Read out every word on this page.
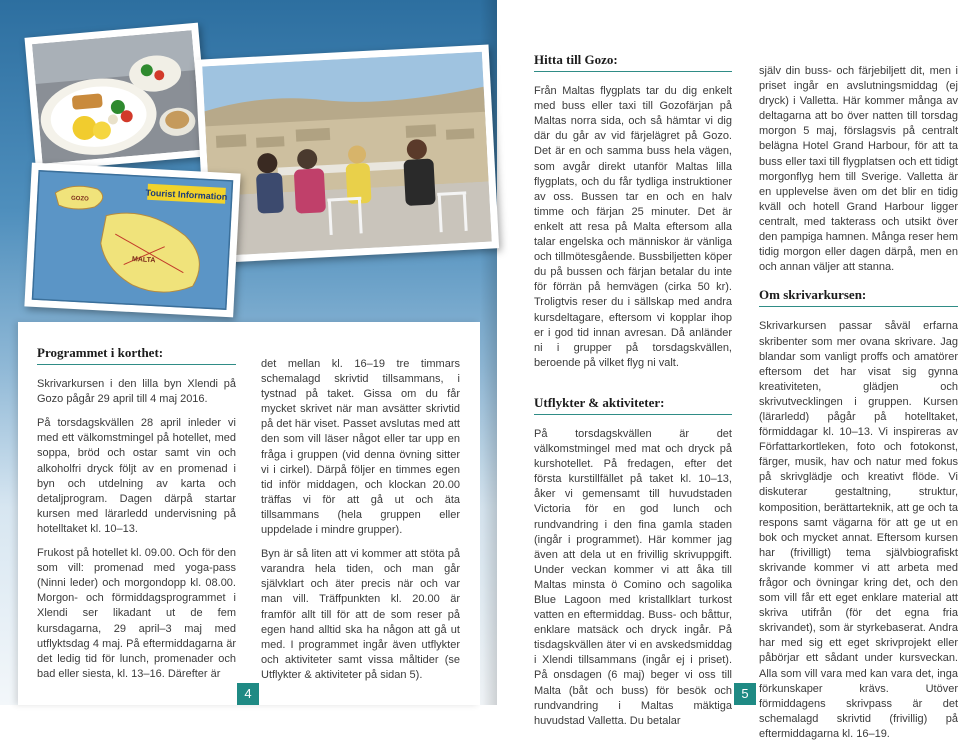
Tourist Information
GOZO
MALTA
Programmet i korthet:

Skrivarkursen i den lilla byn Xlendi på Gozo pågår 29 april till 4 maj 2016.

På torsdagskvällen 28 april inleder vi med ett välkomstmingel på hotellet, med soppa, bröd och ostar samt vin och alkoholfri dryck följt av en promenad i byn och utdelning av karta och detaljprogram. Dagen därpå startar kursen med lärarledd undervisning på hotelltaket kl. 10–13.

Frukost på hotellet kl. 09.00. Och för den som vill: promenad med yoga-pass (Ninni leder) och morgondopp kl. 08.00. Morgon- och förmiddagsprogrammet i Xlendi ser likadant ut de fem kursdagarna, 29 april–3 maj med utflyktsdag 4 maj. På eftermiddagarna är det ledig tid för lunch, promenader och bad eller siesta, kl. 13–16. Därefter är

det mellan kl. 16–19 tre timmars schemalagd skrivtid tillsammans, i tystnad på taket. Gissa om du får mycket skrivet när man avsätter skrivtid på det här viset. Passet avslutas med att den som vill läser något eller tar upp en fråga i gruppen (vid denna övning sitter vi i cirkel). Därpå följer en timmes egen tid inför middagen, och klockan 20.00 träffas vi för att gå ut och äta tillsammans (hela gruppen eller uppdelade i mindre grupper).

Byn är så liten att vi kommer att stöta på varandra hela tiden, och man går självklart och äter precis när och var man vill. Träffpunkten kl. 20.00 är framför allt till för att de som reser på egen hand alltid ska ha någon att gå ut med. I programmet ingår även utflykter och aktiviteter samt vissa måltider (se Utflykter & aktiviteter på sidan 5).

Hitta till Gozo:

Från Maltas flygplats tar du dig enkelt med buss eller taxi till Gozofärjan på Maltas norra sida, och så hämtar vi dig där du går av vid färjelägret på Gozo. Det är en och samma buss hela vägen, som avgår direkt utanför Maltas lilla flygplats, och du får tydliga instruktioner av oss. Bussen tar en och en halv timme och färjan 25 minuter. Det är enkelt att resa på Malta eftersom alla talar engelska och människor är vänliga och tillmötesgående. Bussbiljetten köper du på bussen och färjan betalar du inte för förrän på hemvägen (cirka 50 kr). Troligtvis reser du i sällskap med andra kursdeltagare, eftersom vi kopplar ihop er i god tid innan avresan. Då anländer ni i grupper på torsdagskvällen, beroende på vilket flyg ni valt.

Utflykter & aktiviteter:

På torsdagskvällen är det välkomstmingel med mat och dryck på kurshotellet. På fredagen, efter det första kurstillfället på taket kl. 10–13, åker vi gemensamt till huvudstaden Victoria för en god lunch och rundvandring i den fina gamla staden (ingår i programmet). Här kommer jag även att dela ut en frivillig skrivuppgift. Under veckan kommer vi att åka till Maltas minsta ö Comino och sagolika Blue Lagoon med kristallklart turkost vatten en eftermiddag. Buss- och båttur, enklare matsäck och dryck ingår. På tisdagskvällen äter vi en avskedsmiddag i Xlendi tillsammans (ingår ej i priset). På onsdagen (6 maj) beger vi oss till Malta (båt och buss) för besök och rundvandring i Maltas mäktiga huvudstad Valletta. Du betalar

själv din buss- och färjebiljett dit, men i priset ingår en avslutningsmiddag (ej dryck) i Valletta. Här kommer många av deltagarna att bo över natten till torsdag morgon 5 maj, förslagsvis på centralt belägna Hotel Grand Harbour, för att ta buss eller taxi till flygplatsen och ett tidigt morgonflyg hem till Sverige. Valletta är en upplevelse även om det blir en tidig kväll och hotell Grand Harbour ligger centralt, med takterass och utsikt över den pampiga hamnen. Många reser hem tidig morgon eller dagen därpå, men en och annan väljer att stanna.

Om skrivarkursen:

Skrivarkursen passar såväl erfarna skribenter som mer ovana skrivare. Jag blandar som vanligt proffs och amatörer eftersom det har visat sig gynna kreativiteten, glädjen och skrivutvecklingen i gruppen. Kursen (lärarledd) pågår på hotelltaket, förmiddagar kl. 10–13. Vi inspireras av Författarkortleken, foto och fotokonst, färger, musik, hav och natur med fokus på skrivglädje och kreativt flöde. Vi diskuterar gestaltning, struktur, komposition, berättarteknik, att ge och ta respons samt vägarna för att ge ut en bok och mycket annat. Eftersom kursen har (frivilligt) tema självbiografiskt skrivande kommer vi att arbeta med frågor och övningar kring det, och den som vill får ett eget enklare material att skriva utifrån (för det egna fria skrivandet), som är styrkebaserat. Andra har med sig ett eget skrivprojekt eller påbörjar ett sådant under kursveckan. Alla som vill vara med kan vara det, inga förkunskaper krävs. Utöver förmiddagens skrivpass är det schemalagd skrivtid (frivillig) på eftermiddagarna kl. 16–19.

4	5
